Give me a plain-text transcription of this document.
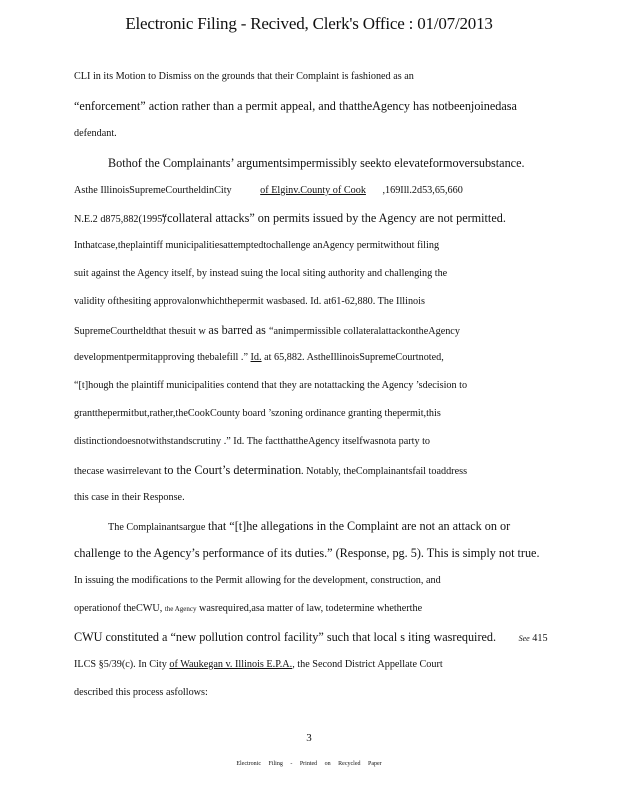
Electronic Filing - Recived, Clerk's Office : 01/07/2013
CLI in its Motion to Dismiss on the grounds that their Complaint is fashioned as an
“enforcement” action rather than a permit appeal, and thattheAgency has notbeenjoinedasa
defendant.
Bothof the Complainants’ argumentsimpermissibly seekto elevateformoversubstance.
Asthe IllinoisSupremeCourtheldinCity	of Elginv.County of Cook ,169Ill.2d53,65,660
N.E.2 d875,882(1995)“collateral attacks” on permits issued by the Agency are not permitted.
Inthatcase,theplaintiff municipalitiesattemptedtochallenge anAgency permitwithout filing
suit against the Agency itself, by instead suing the local siting authority and challenging the
validity ofthesiting approvalonwhichthepermit wasbased. Id. at61-62,880. The Illinois
SupremeCourtheldthat thesuit w as barred as “animpermissible collateralattackontheAgency
developmentpermitapproving thebalefill .” Id. at 65,882. AstheIllinoisSupremeCourtnoted,
“[t]hough the plaintiff municipalities contend that they are notattacking the Agency ’sdecision to
grantthepermitbut,rather,theCookCounty board ’szoning ordinance granting thepermit,this
distinctiondoesnotwithstandscrutiny .” Id. The factthattheAgency itselfwasnota party to
thecase wasirrelevant to the Court’s determination. Notably, theComplainantsfail toaddress
this case in their Response.
The Complainantsargue that “[t]he allegations in the Complaint are not an attack on or
challenge to the Agency’s performance of its duties.” (Response, pg. 5). This is simply not true.
In issuing the modifications to the Permit allowing for the development, construction, and
operationof theCWU, the Agency wasrequired,asa matter of law, todetermine whetherthe
CWU constituted a “new pollution control facility” such that local s iting wasrequired.	See 415
ILCS §5/39(c). In City of Waukegan v. Illinois E.P.A., the Second District Appellate Court
described this process asfollows:
3
Electronic Filing - Printed on Recycled Paper
